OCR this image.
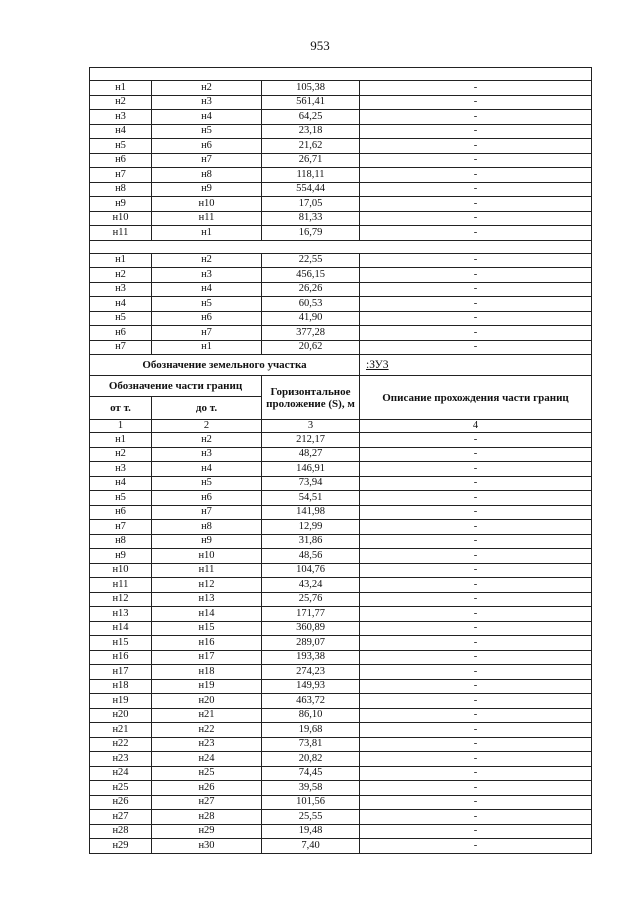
953

н1	н2	105,38	-
н2	н3	561,41	-
н3	н4	64,25	-
н4	н5	23,18	-
н5	н6	21,62	-
н6	н7	26,71	-
н7	н8	118,11	-
н8	н9	554,44	-
н9	н10	17,05	-
н10	н11	81,33	-
н11	н1	16,79	-

н1	н2	22,55	-
н2	н3	456,15	-
н3	н4	26,26	-
н4	н5	60,53	-
н5	н6	41,90	-
н6	н7	377,28	-
н7	н1	20,62	-
Обозначение земельного участка			:ЗУ3
Обозначение части границ		Горизонтальное проложение (S), м	Описание прохождения части границ
от т.	до т.		
1	2	3	4
н1	н2	212,17	-
н2	н3	48,27	-
н3	н4	146,91	-
н4	н5	73,94	-
н5	н6	54,51	-
н6	н7	141,98	-
н7	н8	12,99	-
н8	н9	31,86	-
н9	н10	48,56	-
н10	н11	104,76	-
н11	н12	43,24	-
н12	н13	25,76	-
н13	н14	171,77	-
н14	н15	360,89	-
н15	н16	289,07	-
н16	н17	193,38	-
н17	н18	274,23	-
н18	н19	149,93	-
н19	н20	463,72	-
н20	н21	86,10	-
н21	н22	19,68	-
н22	н23	73,81	-
н23	н24	20,82	-
н24	н25	74,45	-
н25	н26	39,58	-
н26	н27	101,56	-
н27	н28	25,55	-
н28	н29	19,48	-
н29	н30	7,40	-
